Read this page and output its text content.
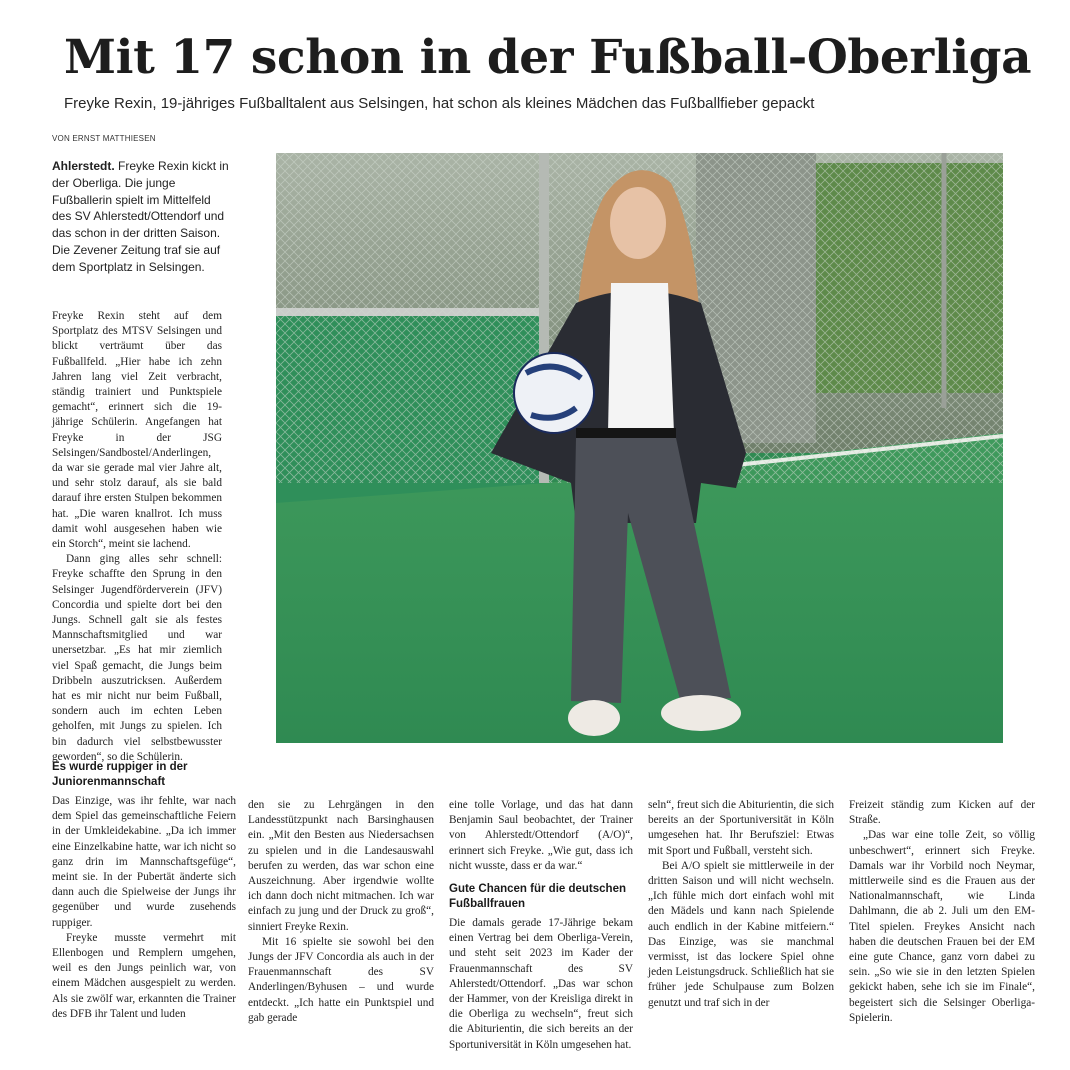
Mit 17 schon in der Fußball-Oberliga
Freyke Rexin, 19-jähriges Fußballtalent aus Selsingen, hat schon als kleines Mädchen das Fußballfieber gepackt
VON ERNST MATTHIESEN
Ahlerstedt. Freyke Rexin kickt in der Oberliga. Die junge Fußballerin spielt im Mittelfeld des SV Ahlerstedt/Ottendorf und das schon in der dritten Saison. Die Zevener Zeitung traf sie auf dem Sportplatz in Selsingen.

Freyke Rexin steht auf dem Sportplatz des MTSV Selsingen und blickt verträumt über das Fußballfeld. „Hier habe ich zehn Jahren lang viel Zeit verbracht, ständig trainiert und Punktspiele gemacht“, erinnert sich die 19-jährige Schülerin. Angefangen hat Freyke in der JSG Selsingen/Sandbostel/Anderlingen, da war sie gerade mal vier Jahre alt, und sehr stolz darauf, als sie bald darauf ihre ersten Stulpen bekommen hat. „Die waren knallrot. Ich muss damit wohl ausgesehen haben wie ein Storch“, meint sie lachend.

Dann ging alles sehr schnell: Freyke schaffte den Sprung in den Selsinger Jugendförderverein (JFV) Concordia und spielte dort bei den Jungs. Schnell galt sie als festes Mannschaftsmitglied und war unersetzbar. „Es hat mir ziemlich viel Spaß gemacht, die Jungs beim Dribbeln auszutricksen. Außerdem hat es mir nicht nur beim Fußball, sondern auch im echten Leben geholfen, mit Jungs zu spielen. Ich bin dadurch viel selbstbewusster geworden“, so die Schülerin.

Es wurde ruppiger in der Juniorenmannschaft

Das Einzige, was ihr fehlte, war nach dem Spiel das gemeinschaftliche Feiern in der Umkleidekabine. „Da ich immer eine Einzelkabine hatte, war ich nicht so ganz drin im Mannschaftsgefüge“, meint sie. In der Pubertät änderte sich dann auch die Spielweise der Jungs ihr gegenüber und wurde zusehends ruppiger.

Freyke musste vermehrt mit Ellenbogen und Remplern umgehen, weil es den Jungs peinlich war, von einem Mädchen ausgespielt zu werden. Als sie zwölf war, erkannten die Trainer des DFB ihr Talent und luden

den sie zu Lehrgängen in den Landesstützpunkt nach Barsinghausen ein. „Mit den Besten aus Niedersachsen zu spielen und in die Landesauswahl berufen zu werden, das war schon eine Auszeichnung. Aber irgendwie wollte ich dann doch nicht mitmachen. Ich war einfach zu jung und der Druck zu groß“, sinniert Freyke Rexin.

Mit 16 spielte sie sowohl bei den Jungs der JFV Concordia als auch in der Frauenmannschaft des SV Anderlingen/Byhusen – und wurde entdeckt. „Ich hatte ein Punktspiel und gab gerade

eine tolle Vorlage, und das hat dann Benjamin Saul beobachtet, der Trainer von Ahlerstedt/Ottendorf (A/O)“, erinnert sich Freyke. „Wie gut, dass ich nicht wusste, dass er da war.“

Gute Chancen für die deutschen Fußballfrauen

Die damals gerade 17-Jährige bekam einen Vertrag bei dem Oberliga-Verein, und steht seit 2023 im Kader der Frauenmannschaft des SV Ahlerstedt/Ottendorf. „Das war schon der Hammer, von der Kreisliga direkt in die Oberliga zu wechseln“, freut sich die Abiturientin, die sich bereits an der Sportuniversität in Köln umgesehen hat.

seln“, freut sich die Abiturientin, die sich bereits an der Sportuniversität in Köln umgesehen hat. Ihr Berufsziel: Etwas mit Sport und Fußball, versteht sich.

Bei A/O spielt sie mittlerweile in der dritten Saison und will nicht wechseln. „Ich fühle mich dort einfach wohl mit den Mädels und kann nach Spielende auch endlich in der Kabine mitfeiern.“ Das Einzige, was sie manchmal vermisst, ist das lockere Spiel ohne jeden Leistungsdruck. Schließlich hat sie früher jede Schulpause zum Bolzen genutzt und traf sich in der

Freizeit ständig zum Kicken auf der Straße.

„Das war eine tolle Zeit, so völlig unbeschwert“, erinnert sich Freyke. Damals war ihr Vorbild noch Neymar, mittlerweile sind es die Frauen aus der Nationalmannschaft, wie Linda Dahlmann, die ab 2. Juli um den EM-Titel spielen. Freykes Ansicht nach haben die deutschen Frauen bei der EM eine gute Chance, ganz vorn dabei zu sein. „So wie sie in den letzten Spielen gekickt haben, sehe ich sie im Finale“, begeistert sich die Selsinger Oberliga-Spielerin.
